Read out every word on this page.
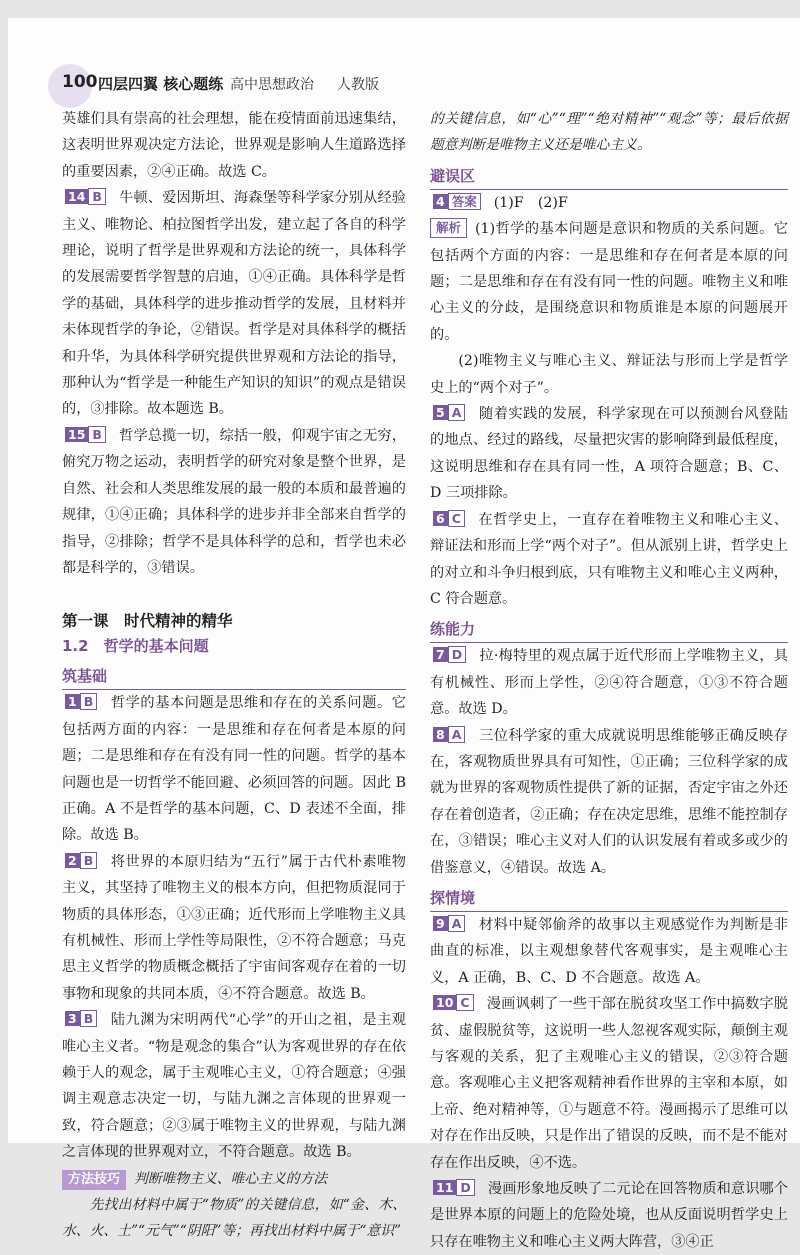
100 四层四翼 核心题练 高中思想政治 人教版

英雄们具有崇高的社会理想，能在疫情面前迅速集结，这表明世界观决定方法论，世界观是影响人生道路选择的重要因素，②④正确。故选 C。

14 B 牛顿、爱因斯坦、海森堡等科学家分别从经验主义、唯物论、柏拉图哲学出发，建立起了各自的科学理论，说明了哲学是世界观和方法论的统一，具体科学的发展需要哲学智慧的启迪，①④正确。具体科学是哲学的基础，具体科学的进步推动哲学的发展，且材料并未体现哲学的争论，②错误。哲学是对具体科学的概括和升华，为具体科学研究提供世界观和方法论的指导，那种认为“哲学是一种能生产知识的知识”的观点是错误的，③排除。故本题选 B。

15 B 哲学总揽一切，综括一般，仰观宇宙之无穷，俯究万物之运动，表明哲学的研究对象是整个世界，是自然、社会和人类思维发展的最一般的本质和最普遍的规律，①④正确；具体科学的进步并非全部来自哲学的指导，②排除；哲学不是具体科学的总和，哲学也未必都是科学的，③错误。

第一课　时代精神的精华
1.2　哲学的基本问题
筑基础

1 B 哲学的基本问题是思维和存在的关系问题。它包括两方面的内容：一是思维和存在何者是本原的问题；二是思维和存在有没有同一性的问题。哲学的基本问题也是一切哲学不能回避、必须回答的问题。因此 B 正确。A 不是哲学的基本问题，C、D 表述不全面，排除。故选 B。

2 B 将世界的本原归结为“五行”属于古代朴素唯物主义，其坚持了唯物主义的根本方向，但把物质混同于物质的具体形态，①③正确；近代形而上学唯物主义具有机械性、形而上学性等局限性，②不符合题意；马克思主义哲学的物质概念概括了宇宙间客观存在着的一切事物和现象的共同本质，④不符合题意。故选 B。

3 B 陆九渊为宋明两代“心学”的开山之祖，是主观唯心主义者。“物是观念的集合”认为客观世界的存在依赖于人的观念，属于主观唯心主义，①符合题意；④强调主观意志决定一切，与陆九渊之言体现的世界观一致，符合题意；②③属于唯物主义的世界观，与陆九渊之言体现的世界观对立，不符合题意。故选 B。

方法技巧 判断唯物主义、唯心主义的方法

先找出材料中属于“物质”的关键信息，如“金、木、水、火、土”“元气”“阴阳”等；再找出材料中属于“意识”

的关键信息，如“心”“理”“绝对精神”“观念”等；最后依据题意判断是唯物主义还是唯心主义。

避误区

4 答案 (1)F　(2)F

解析 (1)哲学的基本问题是意识和物质的关系问题。它包括两个方面的内容：一是思维和存在何者是本原的问题；二是思维和存在有没有同一性的问题。唯物主义和唯心主义的分歧，是围绕意识和物质谁是本原的问题展开的。

(2)唯物主义与唯心主义、辩证法与形而上学是哲学史上的“两个对子”。

5 A 随着实践的发展，科学家现在可以预测台风登陆的地点、经过的路线，尽量把灾害的影响降到最低程度，这说明思维和存在具有同一性，A 项符合题意；B、C、D 三项排除。

6 C 在哲学史上，一直存在着唯物主义和唯心主义、辩证法和形而上学“两个对子”。但从派别上讲，哲学史上的对立和斗争归根到底，只有唯物主义和唯心主义两种，C 符合题意。

练能力

7 D 拉·梅特里的观点属于近代形而上学唯物主义，具有机械性、形而上学性，②④符合题意，①③不符合题意。故选 D。

8 A 三位科学家的重大成就说明思维能够正确反映存在，客观物质世界具有可知性，①正确；三位科学家的成就为世界的客观物质性提供了新的证据，否定宇宙之外还存在着创造者，②正确；存在决定思维，思维不能控制存在，③错误；唯心主义对人们的认识发展有着或多或少的借鉴意义，④错误。故选 A。

探情境

9 A 材料中疑邻偷斧的故事以主观感觉作为判断是非曲直的标准，以主观想象替代客观事实，是主观唯心主义，A 正确，B、C、D 不合题意。故选 A。

10 C 漫画讽刺了一些干部在脱贫攻坚工作中搞数字脱贫、虚假脱贫等，这说明一些人忽视客观实际，颠倒主观与客观的关系，犯了主观唯心主义的错误，②③符合题意。客观唯心主义把客观精神看作世界的主宰和本原，如上帝、绝对精神等，①与题意不符。漫画揭示了思维可以对存在作出反映，只是作出了错误的反映，而不是不能对存在作出反映，④不选。

11 D 漫画形象地反映了二元论在回答物质和意识哪个是世界本原的问题上的危险处境，也从反面说明哲学史上只存在唯物主义和唯心主义两大阵营，③④正
